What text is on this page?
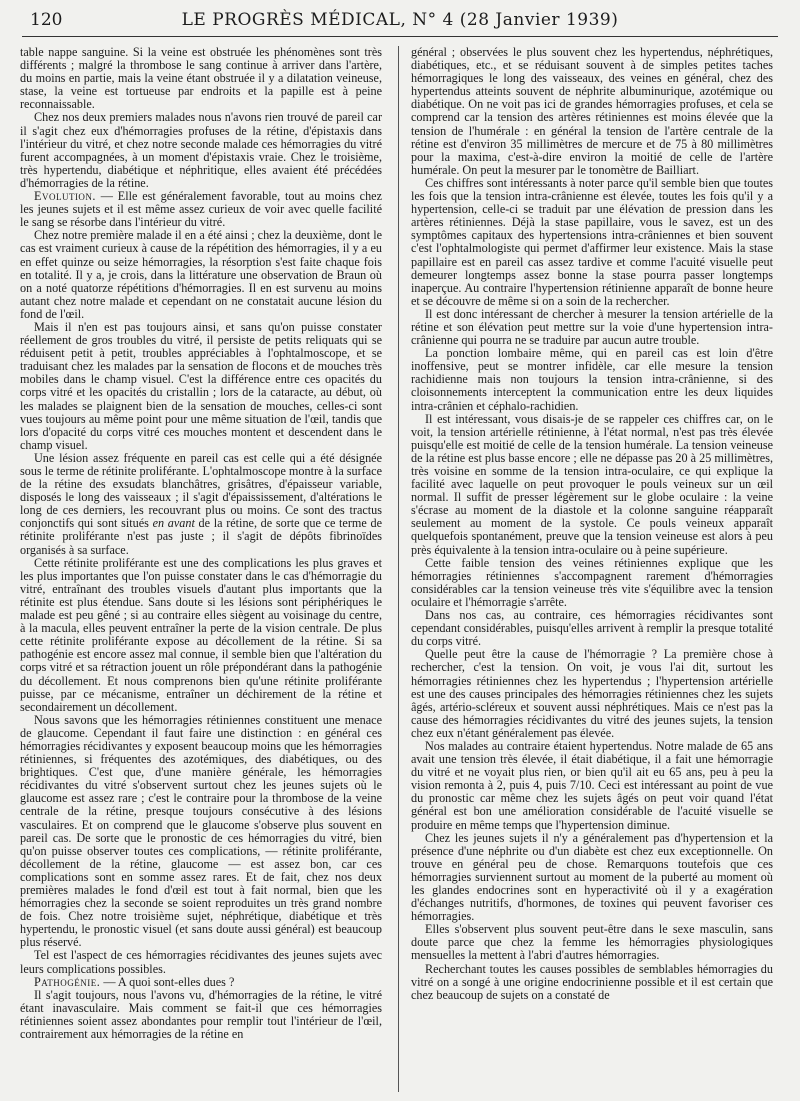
120	LE PROGRÈS MÉDICAL, N° 4 (28 Janvier 1939)

table nappe sanguine. Si la veine est obstruée les phénomènes sont très différents ; malgré la thrombose le sang continue à arriver dans l'artère, du moins en partie, mais la veine étant obstruée il y a dilatation veineuse, stase, la veine est tortueuse par endroits et la papille est à peine reconnaissable.

Chez nos deux premiers malades nous n'avons rien trouvé de pareil car il s'agit chez eux d'hémorragies profuses de la rétine, d'épistaxis dans l'intérieur du vitré, et chez notre seconde malade ces hémorragies du vitré furent accompagnées, à un moment d'épistaxis vraie. Chez le troisième, très hypertendu, diabétique et néphritique, elles avaient été précédées d'hémorragies de la rétine.

Evolution. — Elle est généralement favorable, tout au moins chez les jeunes sujets et il est même assez curieux de voir avec quelle facilité le sang se résorbe dans l'intérieur du vitré.

Chez notre première malade il en a été ainsi ; chez la deuxième, dont le cas est vraiment curieux à cause de la répétition des hémorragies, il y a eu en effet quinze ou seize hémorragies, la résorption s'est faite chaque fois en totalité. Il y a, je crois, dans la littérature une observation de Braun où on a noté quatorze répétitions d'hémorragies. Il en est survenu au moins autant chez notre malade et cependant on ne constatait aucune lésion du fond de l'œil.

Mais il n'en est pas toujours ainsi, et sans qu'on puisse constater réellement de gros troubles du vitré, il persiste de petits reliquats qui se réduisent petit à petit, troubles appréciables à l'ophtalmoscope, et se traduisant chez les malades par la sensation de flocons et de mouches très mobiles dans le champ visuel. C'est la différence entre ces opacités du corps vitré et les opacités du cristallin ; lors de la cataracte, au début, où les malades se plaignent bien de la sensation de mouches, celles-ci sont vues toujours au même point pour une même situation de l'œil, tandis que lors d'opacité du corps vitré ces mouches montent et descendent dans le champ visuel.

Une lésion assez fréquente en pareil cas est celle qui a été désignée sous le terme de rétinite proliférante. L'ophtalmoscope montre à la surface de la rétine des exsudats blanchâtres, grisâtres, d'épaisseur variable, disposés le long des vaisseaux ; il s'agit d'épaississement, d'altérations le long de ces derniers, les recouvrant plus ou moins. Ce sont des tractus conjonctifs qui sont situés en avant de la rétine, de sorte que ce terme de rétinite proliférante n'est pas juste ; il s'agit de dépôts fibrinoïdes organisés à sa surface.

Cette rétinite proliférante est une des complications les plus graves et les plus importantes que l'on puisse constater dans le cas d'hémorragie du vitré, entraînant des troubles visuels d'autant plus importants que la rétinite est plus étendue. Sans doute si les lésions sont périphériques le malade est peu gêné ; si au contraire elles siègent au voisinage du centre, à la macula, elles peuvent entraîner la perte de la vision centrale. De plus cette rétinite proliférante expose au décollement de la rétine. Si sa pathogénie est encore assez mal connue, il semble bien que l'altération du corps vitré et sa rétraction jouent un rôle prépondérant dans la pathogénie du décollement. Et nous comprenons bien qu'une rétinite proliférante puisse, par ce mécanisme, entraîner un déchirement de la rétine et secondairement un décollement.

Nous savons que les hémorragies rétiniennes constituent une menace de glaucome. Cependant il faut faire une distinction : en général ces hémorragies récidivantes y exposent beaucoup moins que les hémorragies rétiniennes, si fréquentes des azotémiques, des diabétiques, ou des brightiques. C'est que, d'une manière générale, les hémorragies récidivantes du vitré s'observent surtout chez les jeunes sujets où le glaucome est assez rare ; c'est le contraire pour la thrombose de la veine centrale de la rétine, presque toujours consécutive à des lésions vasculaires. Et on comprend que le glaucome s'observe plus souvent en pareil cas. De sorte que le pronostic de ces hémorragies du vitré, bien qu'on puisse observer toutes ces complications, — rétinite proliférante, décollement de la rétine, glaucome — est assez bon, car ces complications sont en somme assez rares. Et de fait, chez nos deux premières malades le fond d'œil est tout à fait normal, bien que les hémorragies chez la seconde se soient reproduites un très grand nombre de fois. Chez notre troisième sujet, néphrétique, diabétique et très hypertendu, le pronostic visuel (et sans doute aussi général) est beaucoup plus réservé.

Tel est l'aspect de ces hémorragies récidivantes des jeunes sujets avec leurs complications possibles.

Pathogénie. — A quoi sont-elles dues ?

Il s'agit toujours, nous l'avons vu, d'hémorragies de la rétine, le vitré étant inavasculaire. Mais comment se fait-il que ces hémorragies rétiniennes soient assez abondantes pour remplir tout l'intérieur de l'œil, contrairement aux hémorragies de la rétine en

général ; observées le plus souvent chez les hypertendus, néphrétiques, diabétiques, etc., et se réduisant souvent à de simples petites taches hémorragiques le long des vaisseaux, des veines en général, chez des hypertendus atteints souvent de néphrite albuminurique, azotémique ou diabétique. On ne voit pas ici de grandes hémorragies profuses, et cela se comprend car la tension des artères rétiniennes est moins élevée que la tension de l'humérale : en général la tension de l'artère centrale de la rétine est d'environ 35 millimètres de mercure et de 75 à 80 millimètres pour la maxima, c'est-à-dire environ la moitié de celle de l'artère humérale. On peut la mesurer par le tonomètre de Bailliart.

Ces chiffres sont intéressants à noter parce qu'il semble bien que toutes les fois que la tension intra-crânienne est élevée, toutes les fois qu'il y a hypertension, celle-ci se traduit par une élévation de pression dans les artères rétiniennes. Déjà la stase papillaire, vous le savez, est un des symptômes capitaux des hypertensions intra-crâniennes et bien souvent c'est l'ophtalmologiste qui permet d'affirmer leur existence. Mais la stase papillaire est en pareil cas assez tardive et comme l'acuité visuelle peut demeurer longtemps assez bonne la stase pourra passer longtemps inaperçue. Au contraire l'hypertension rétinienne apparaît de bonne heure et se découvre de même si on a soin de la rechercher.

Il est donc intéressant de chercher à mesurer la tension artérielle de la rétine et son élévation peut mettre sur la voie d'une hypertension intra-crânienne qui pourra ne se traduire par aucun autre trouble.

La ponction lombaire même, qui en pareil cas est loin d'être inoffensive, peut se montrer infidèle, car elle mesure la tension rachidienne mais non toujours la tension intra-crânienne, si des cloisonnements interceptent la communication entre les deux liquides intra-crânien et céphalo-rachidien.

Il est intéressant, vous disais-je de se rappeler ces chiffres car, on le voit, la tension artérielle rétinienne, à l'état normal, n'est pas très élevée puisqu'elle est moitié de celle de la tension humérale. La tension veineuse de la rétine est plus basse encore ; elle ne dépasse pas 20 à 25 millimètres, très voisine en somme de la tension intra-oculaire, ce qui explique la facilité avec laquelle on peut provoquer le pouls veineux sur un œil normal. Il suffit de presser légèrement sur le globe oculaire : la veine s'écrase au moment de la diastole et la colonne sanguine réapparaît seulement au moment de la systole. Ce pouls veineux apparaît quelquefois spontanément, preuve que la tension veineuse est alors à peu près équivalente à la tension intra-oculaire ou à peine supérieure.

Cette faible tension des veines rétiniennes explique que les hémorragies rétiniennes s'accompagnent rarement d'hémorragies considérables car la tension veineuse très vite s'équilibre avec la tension oculaire et l'hémorragie s'arrête.

Dans nos cas, au contraire, ces hémorragies récidivantes sont cependant considérables, puisqu'elles arrivent à remplir la presque totalité du corps vitré.

Quelle peut être la cause de l'hémorragie ? La première chose à rechercher, c'est la tension. On voit, je vous l'ai dit, surtout les hémorragies rétiniennes chez les hypertendus ; l'hypertension artérielle est une des causes principales des hémorragies rétiniennes chez les sujets âgés, artério-scléreux et souvent aussi néphrétiques. Mais ce n'est pas la cause des hémorragies récidivantes du vitré des jeunes sujets, la tension chez eux n'étant généralement pas élevée.

Nos malades au contraire étaient hypertendus. Notre malade de 65 ans avait une tension très élevée, il était diabétique, il a fait une hémorragie du vitré et ne voyait plus rien, or bien qu'il ait eu 65 ans, peu à peu la vision remonta à 2, puis 4, puis 7/10. Ceci est intéressant au point de vue du pronostic car même chez les sujets âgés on peut voir quand l'état général est bon une amélioration considérable de l'acuité visuelle se produire en même temps que l'hypertension diminue.

Chez les jeunes sujets il n'y a généralement pas d'hypertension et la présence d'une néphrite ou d'un diabète est chez eux exceptionnelle. On trouve en général peu de chose. Remarquons toutefois que ces hémorragies surviennent surtout au moment de la puberté au moment où les glandes endocrines sont en hyperactivité où il y a exagération d'échanges nutritifs, d'hormones, de toxines qui peuvent favoriser ces hémorragies.

Elles s'observent plus souvent peut-être dans le sexe masculin, sans doute parce que chez la femme les hémorragies physiologiques mensuelles la mettent à l'abri d'autres hémorragies.

Recherchant toutes les causes possibles de semblables hémorragies du vitré on a songé à une origine endocrinienne possible et il est certain que chez beaucoup de sujets on a constaté de
